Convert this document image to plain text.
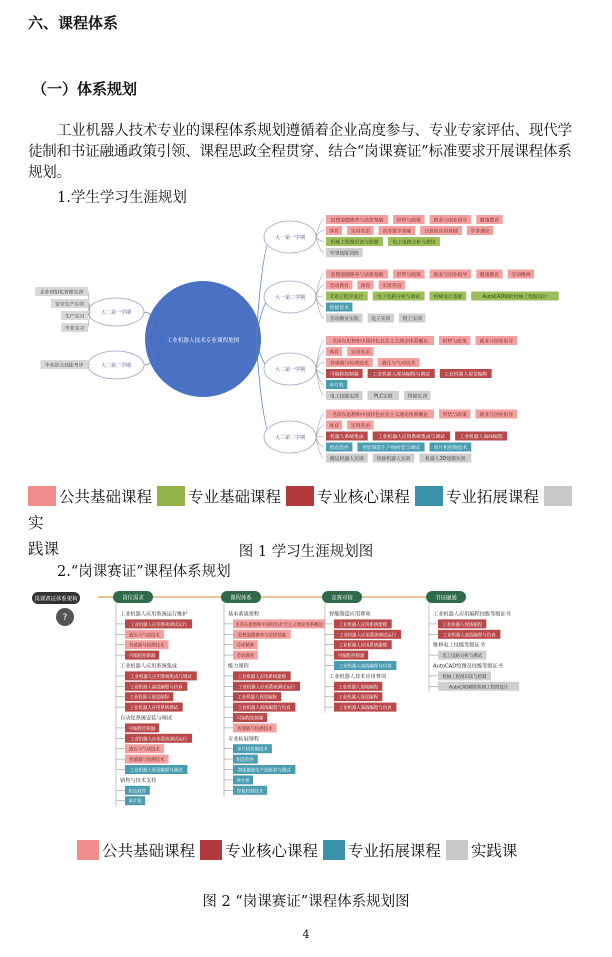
六、课程体系
（一）体系规划
工业机器人技术专业的课程体系规划遵循着企业高度参与、专业专家评估、现代学徒制和书证融通政策引领、课程思政全程贯穿、结合“岗课赛证”标准要求开展课程体系规划。
1.学生学习生涯规划
工业机器人技术专业课程地图
大二第一学期
企业班组化管理实训
安全生产实训
生产实习
毕业实习
大二第二学期
毕业综合技能考评
大一第一学期
思想道德修养与法律基础	形势与政策	就业与创业指导	健康教育
体育 实用英语	高等数学基础	计算机应用基础	军事理论
机械工程图识读与绘制	电工电路分析与测试
军事技能训练
大一第二学期
思想道德修养与法律基础	形势与政策	就业与创业指导	健康教育	劳动精神
劳动教育 体育 实用英语
C语言程序设计	电子电路分析与调试	机械设计基础	AutoCAD辅助机械工程图设计
焊接技术
劳动教育实践	电子实训	钳工实训
大二第一学期
毛泽东思想和中国特色社会主义理论体系概论	形势与政策	就业与创业指导
体育 实用英语
传感器与检测技术	液压与气动技术
可编程控制器	工业机器人现场编程与调试	工业机器人视觉编程
单片机
电工技能实训	PLC实训	焊接实训
大二第二学期
毛泽东思想和中国特色社会主义理论体系概论	形势与政策	就业与创业指导
体育 实用英语
机器人系统集成	工业机器人应用系统集成与调试	工业机器人离线编程
组态软件	智能制造生产线拆装与调试	单片机控制技术
搬运机器人实训	焊接机器人实训	机器人3D建模实训
公共基础课程 专业基础课程 专业核心课程 专业拓展课程 实
践课	图 1 学习生涯规划图
2.“岗课赛证”课程体系规划
岗课赛证体系架构
?
岗位需求
工业机器人应用系统运行维护
工业机器人应用系统调试运行
液压与气动技术
传感器与检测技术
可编程控制器
工业机器人应用系统集成
工业机器人应用系统集成与调试
工业机器人离线编程与仿真
工业机器人视觉编程
工业机器人应用系统调试
自动化系统安装与调试
可编程控制器
工业机器人应用系统调试运行
液压与气动技术
传感器与检测技术
工业机器人视觉编程与调试
销售与技术支持
组态软件
单片机
课程体系
基本素质课程
毛泽东思想和中国特色社会主义理论体系概论
思想道德修养与法律基础
劳动精神
劳动教育
能力课程
工业机器人应用系统建模
工业机器人应用系统调试运行
工业机器人视觉编程
工业机器人离线编程与仿真
可编程控制器
传感器与检测技术
专业拓展课程
单片机控制技术
组态软件
智能制造生产线拆装与调试
单片机
焊接控制技术
竞赛对接
智能制造应用赛项
工业机器人应用系统建模
工业机器人应用系统调试运行
工业机器人应用系统建模
可编程控制器
工业机器人离线编程与仿真
工业机器人技术应用赛项
工业机器人现场编程
工业机器人视觉编程
工业机器人离线编程与仿真
书证融通
工业机器人应用编程技能等级证书
工业机器人现场编程
工业机器人离线编程与仿真
维修电工技能等级证书
电工电路分析与测试
AutoCAD绘图员技能等级证书
机械工程图识读与绘制
AutoCAD辅助机械工程图设计
公共基础课程 专业核心课程 专业拓展课程 实践课
图 2 “岗课赛证”课程体系规划图
4
